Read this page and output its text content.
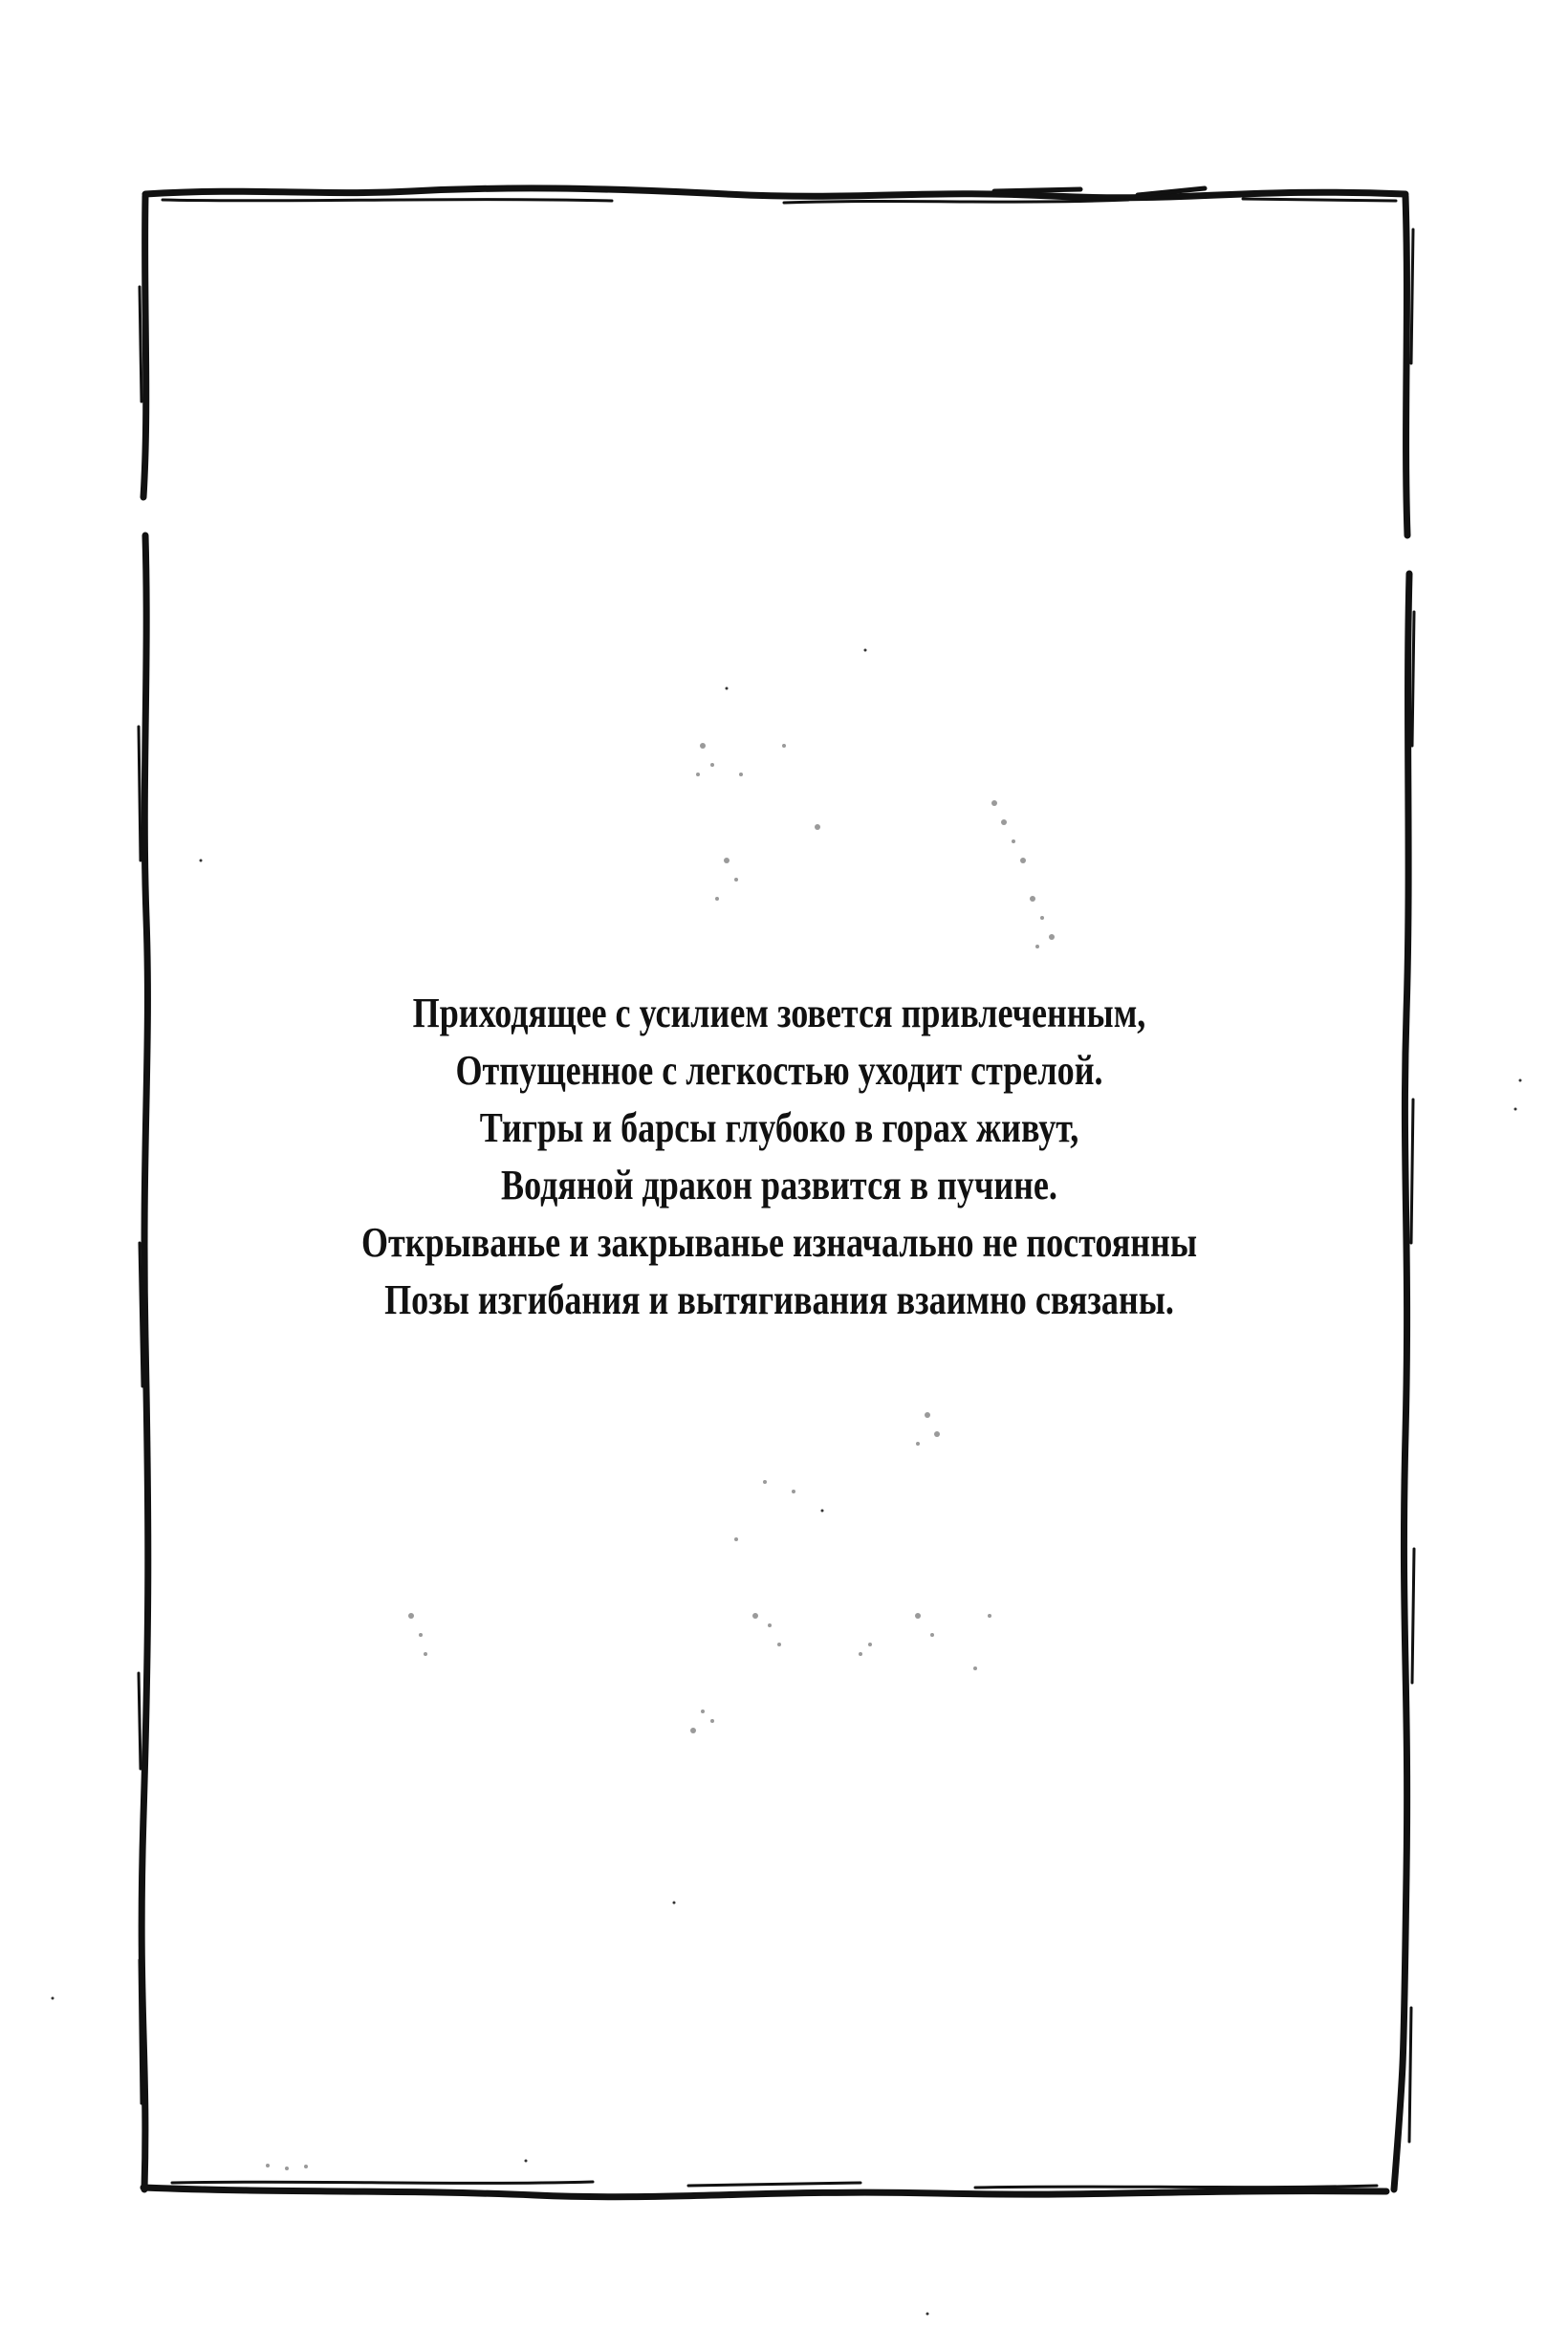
Приходящее с усилием зовется привлеченным,
Отпущенное с легкостью уходит стрелой.
Тигры и барсы глубоко в горах живут,
Водяной дракон развится в пучине.
Открыванье и закрыванье изначально не постоянны
Позы изгибания и вытягивания взаимно связаны.
